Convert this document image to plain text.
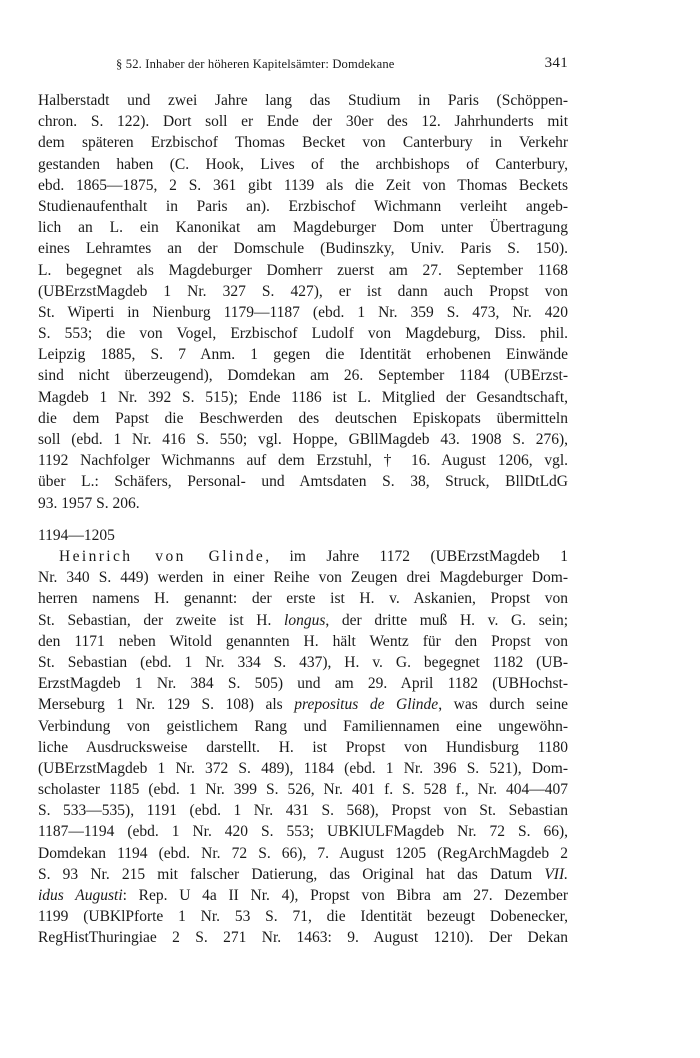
§ 52. Inhaber der höheren Kapitelsämter: Domdekane	341
Halberstadt und zwei Jahre lang das Studium in Paris (Schöppen-
chron. S. 122). Dort soll er Ende der 30er des 12. Jahrhunderts mit
dem späteren Erzbischof Thomas Becket von Canterbury in Verkehr
gestanden haben (C. Hook, Lives of the archbishops of Canterbury,
ebd. 1865—1875, 2 S. 361 gibt 1139 als die Zeit von Thomas Beckets
Studienaufenthalt in Paris an). Erzbischof Wichmann verleiht angeb-
lich an L. ein Kanonikat am Magdeburger Dom unter Übertragung
eines Lehramtes an der Domschule (Budinszky, Univ. Paris S. 150).
L. begegnet als Magdeburger Domherr zuerst am 27. September 1168
(UBErzstMagdeb 1 Nr. 327 S. 427), er ist dann auch Propst von
St. Wiperti in Nienburg 1179—1187 (ebd. 1 Nr. 359 S. 473, Nr. 420
S. 553; die von Vogel, Erzbischof Ludolf von Magdeburg, Diss. phil.
Leipzig 1885, S. 7 Anm. 1 gegen die Identität erhobenen Einwände
sind nicht überzeugend), Domdekan am 26. September 1184 (UBErzst-
Magdeb 1 Nr. 392 S. 515); Ende 1186 ist L. Mitglied der Gesandtschaft,
die dem Papst die Beschwerden des deutschen Episkopats übermitteln
soll (ebd. 1 Nr. 416 S. 550; vgl. Hoppe, GBllMagdeb 43. 1908 S. 276),
1192 Nachfolger Wichmanns auf dem Erzstuhl, † 16. August 1206, vgl.
über L.: Schäfers, Personal- und Amtsdaten S. 38, Struck, BllDtLdG
93. 1957 S. 206.
1194—1205
Heinrich von Glinde, im Jahre 1172 (UBErzstMagdeb 1
Nr. 340 S. 449) werden in einer Reihe von Zeugen drei Magdeburger Dom-
herren namens H. genannt: der erste ist H. v. Askanien, Propst von
St. Sebastian, der zweite ist H. longus, der dritte muß H. v. G. sein;
den 1171 neben Witold genannten H. hält Wentz für den Propst von
St. Sebastian (ebd. 1 Nr. 334 S. 437), H. v. G. begegnet 1182 (UB-
ErzstMagdeb 1 Nr. 384 S. 505) und am 29. April 1182 (UBHochst-
Merseburg 1 Nr. 129 S. 108) als prepositus de Glinde, was durch seine
Verbindung von geistlichem Rang und Familiennamen eine ungewöhn-
liche Ausdrucksweise darstellt. H. ist Propst von Hundisburg 1180
(UBErzstMagdeb 1 Nr. 372 S. 489), 1184 (ebd. 1 Nr. 396 S. 521), Dom-
scholaster 1185 (ebd. 1 Nr. 399 S. 526, Nr. 401 f. S. 528 f., Nr. 404—407
S. 533—535), 1191 (ebd. 1 Nr. 431 S. 568), Propst von St. Sebastian
1187—1194 (ebd. 1 Nr. 420 S. 553; UBKlULFMagdeb Nr. 72 S. 66),
Domdekan 1194 (ebd. Nr. 72 S. 66), 7. August 1205 (RegArchMagdeb 2
S. 93 Nr. 215 mit falscher Datierung, das Original hat das Datum VII.
idus Augusti: Rep. U 4a II Nr. 4), Propst von Bibra am 27. Dezember
1199 (UBKlPforte 1 Nr. 53 S. 71, die Identität bezeugt Dobenecker,
RegHistThuringiae 2 S. 271 Nr. 1463: 9. August 1210). Der Dekan
